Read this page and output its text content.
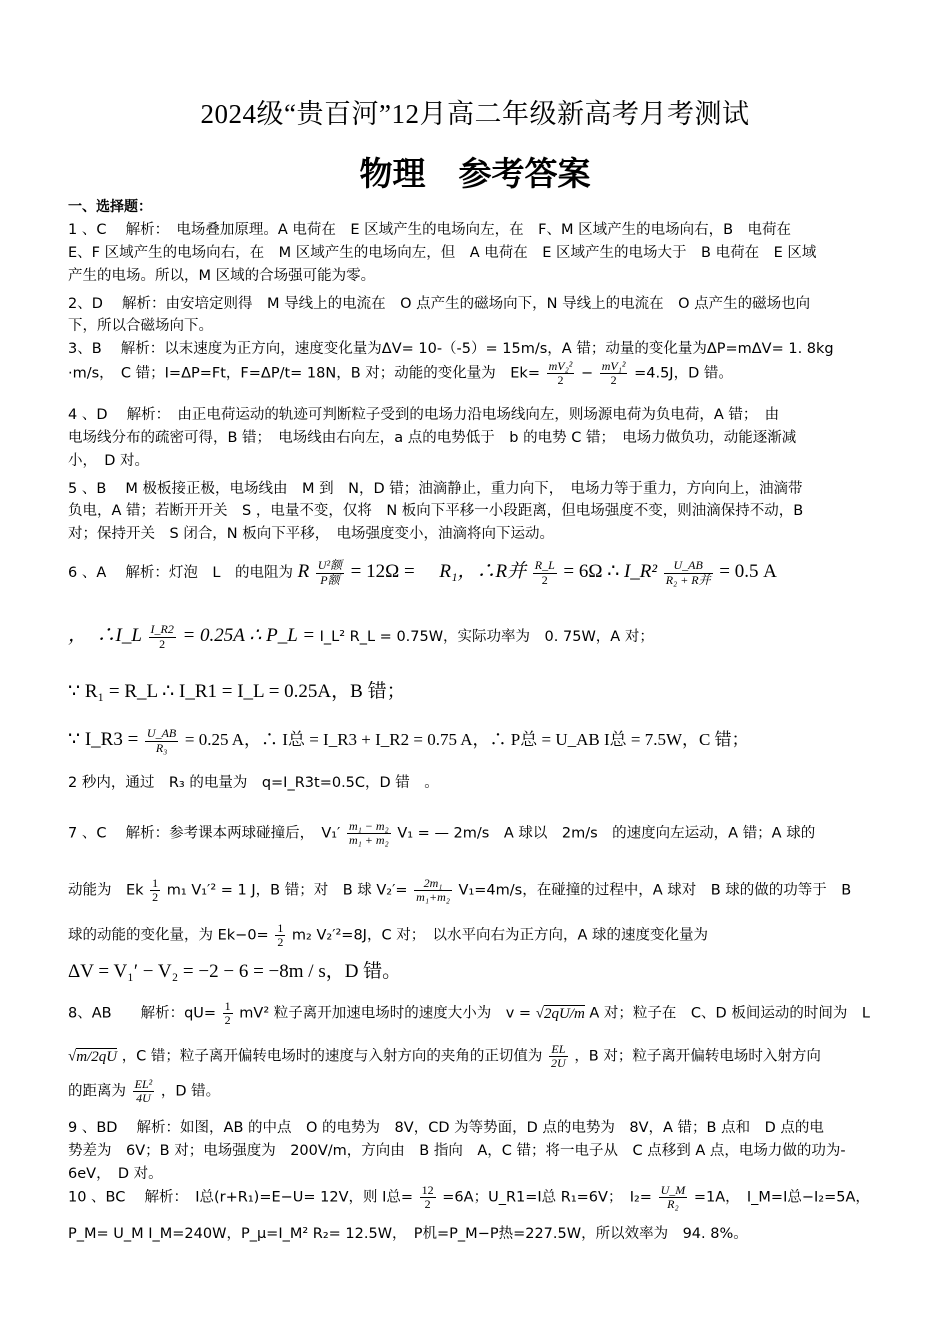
2024级“贵百河”12月高二年级新高考月考测试
物理　参考答案
一、选择题：
1 、C　 解析：　电场叠加原理。A 电荷在　E 区域产生的电场向左，在　F、M 区域产生的电场向右，B　电荷在
E、F 区域产生的电场向右，在　M 区域产生的电场向左，但　A 电荷在　E 区域产生的电场大于　B 电荷在　E 区域
产生的电场。所以，M 区域的合场强可能为零。
2、D　 解析：由安培定则得　M 导线上的电流在　O 点产生的磁场向下，N 导线上的电流在　O 点产生的磁场也向
下，所以合磁场向下。
3、B　 解析：以末速度为正方向，速度变化量为ΔV= 10-（-5）= 15m/s，A 错；动量的变化量为ΔP=mΔV= 1. 8kg
·m/s，　C 错；I=ΔP=Ft，F=ΔP/t= 18N，B 对；动能的变化量为　$Ek= \frac{\text{mV₂²}}{2} - \frac{\text{mV₁²}}{2} =4.5J$，D 错。
4 、D　 解析：　由正电荷运动的轨迹可判断粒子受到的电场力沿电场线向左，则场源电荷为负电荷，A 错；　由
电场线分布的疏密可得，B 错；　电场线由右向左，a 点的电势低于　b 的电势 C 错；　电场力做负功，动能逐渐减
小，　D 对。
5 、B　 M 极板接正极，电场线由　M 到　N，D 错；油滴静止，重力向下，　电场力等于重力，方向向上，油滴带
负电，A 错；若断开开关　S ，电量不变，仅将　N 板向下平移一小段距离，但电场强度不变，则油滴保持不动，B
对；保持开关　S 闭合，N 板向下平移，　电场强度变小，油滴将向下运动。
6 、A　 解析：灯泡　L　的电阻为 R $\frac{\text{U²额}}{\text{P额}} = 12\Omega = R_1$，∴R并 $\frac{R\_L}{2} = 6\Omega$ ∴ I_R² $\frac{U\_AB}{\text{R₂ + R并}} = 0.5$ A
，　∴I_L $\frac{I\_R2}{2} = 0.25A$ ∴ P_L = I_L² R_L = 0.75W，实际功率为　0. 75W，A 对；
∵ R₁ = R_L ∴ I_R1 = I_L = 0.25A，B 错；
∵ I_R3 = $\frac{U\_AB}{\text{R₃}} = 0.25$ A，∴ I总 = I_R3 + I_R2 = 0.75 A，∴ P总 = U_AB I总 = 7.5W，C 错；
2 秒内，通过　R₃ 的电量为　q=I_R3t=0.5C，D 错　。
7 、C　 解析：参考课本两球碰撞后，　$V_1' \frac{\text{m₁ − m₂}}{\text{m₁ + m₂}} V_1$ = — 2m/s　A 球以　2m/s　的速度向左运动，A 错；A 球的
动能为　Ek $\frac{1}{2} m_1$ V₁′² = 1 J，B 错；对　B 球 $V_2'= \frac{\text{2m₁}}{\text{m₁+m₂}} V_1=4m/s$，在碰撞的过程中，A 球对　B 球的做的功等于　B
球的动能的变化量，为 $Ek-0= \frac{1}{2} m_2$ V₂′²=8J，C 对；　以水平向右为正方向，A 球的速度变化量为
ΔV = V₁′ − V₂ = −2 − 6 = −8m / s，D 错。
8、AB　　解析：$qU= \frac{1}{2} mV^2$ 粒子离开加速电场时的速度大小为　v = √2qU/m A 对；粒子在　C、D 板间运动的时间为　L
√m/2qU ，C 错；粒子离开偏转电场时的速度与入射方向的夹角的正切值为 $\frac{EL}{2U}$ ，B 对；粒子离开偏转电场时入射方向
的距离为 $\frac{\text{EL²}}{4U}$ ，D 错。
9 、BD　 解析：如图，AB 的中点　O 的电势为　8V，CD 为等势面，D 点的电势为　8V，A 错；B 点和　D 点的电
势差为　6V；B 对；电场强度为　200V/m，方向由　B 指向　A，C 错；将一电子从　C 点移到 A 点，电场力做的功为-
6eV，　D 对。
10 、BC　 解析：　I总(r+R₁)=E−U= 12V，则 I总= $\frac{12}{2} =6A$；U_R1=I总 R₁=6V；　$I_2= \frac{U\_M}{\text{R₂}} =1A$，　I_M=I总−I₂=5A，
P_M= U_M I_M=240W，P_μ=I_M² R₂= 12.5W，　P机=P_M−P热=227.5W，所以效率为　94. 8%。
